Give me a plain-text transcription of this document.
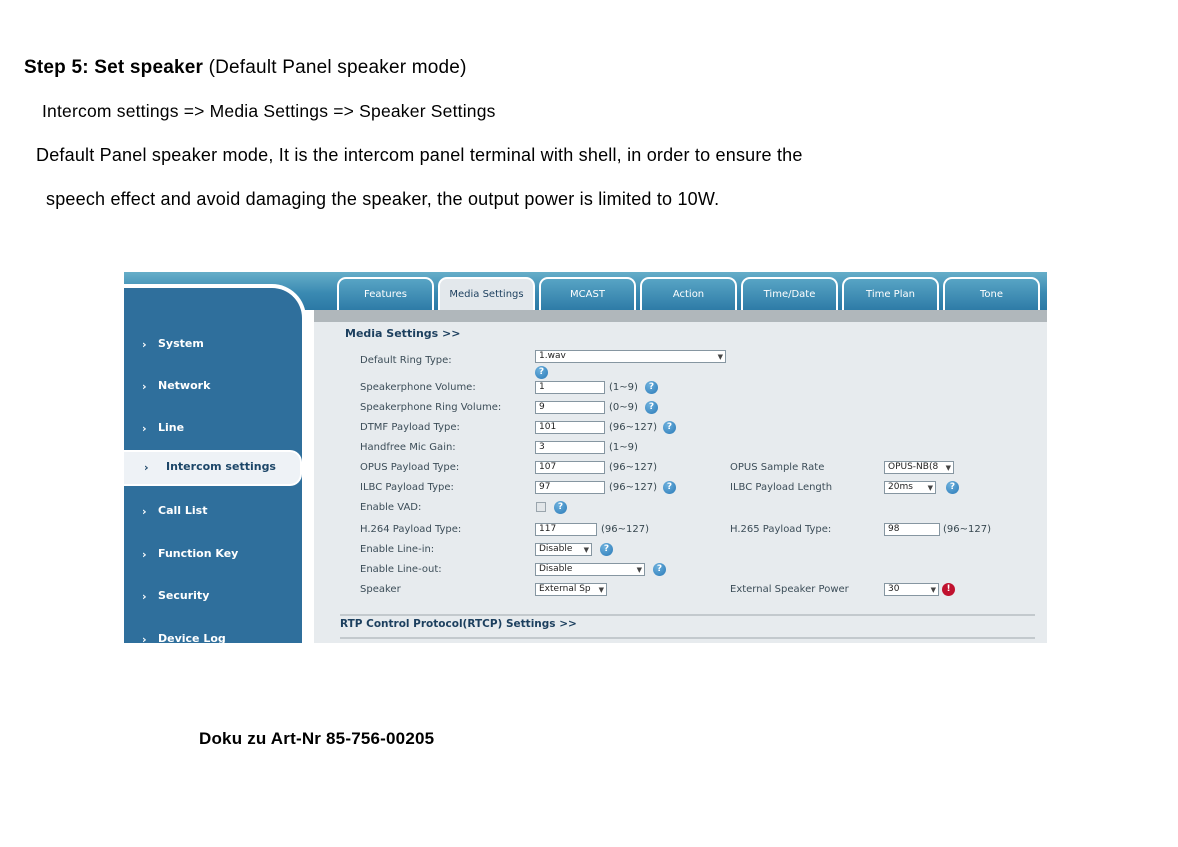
Step 5: Set speaker (Default Panel speaker mode)
Intercom settings => Media Settings => Speaker Settings
Default Panel speaker mode, It is the intercom panel terminal with shell, in order to ensure the
speech effect and avoid damaging the speaker, the output power is limited to 10W.
Doku zu Art-Nr 85-756-00205
› System
› Network
› Line
› Intercom settings
› Call List
› Function Key
› Security
› Device Log
Features	Media Settings	MCAST	Action	Time/Date	Time Plan	Tone
Media Settings >>
Default Ring Type:	1.wav	▼
?
Speakerphone Volume:	1	(1~9)	?
Speakerphone Ring Volume:	9	(0~9)	?
DTMF Payload Type:	101	(96~127)	?
Handfree Mic Gain:	3	(1~9)
OPUS Payload Type:	107	(96~127)	OPUS Sample Rate	OPUS-NB(8 ▼
ILBC Payload Type:	97	(96~127)	?	ILBC Payload Length	20ms ▼	?
Enable VAD:	?
H.264 Payload Type:	117	(96~127)	H.265 Payload Type:	98	(96~127)
Enable Line-in:	Disable ▼	?
Enable Line-out:	Disable	▼	?
Speaker	External Sp ▼	External Speaker Power	30	▼	!
RTP Control Protocol(RTCP) Settings >>
